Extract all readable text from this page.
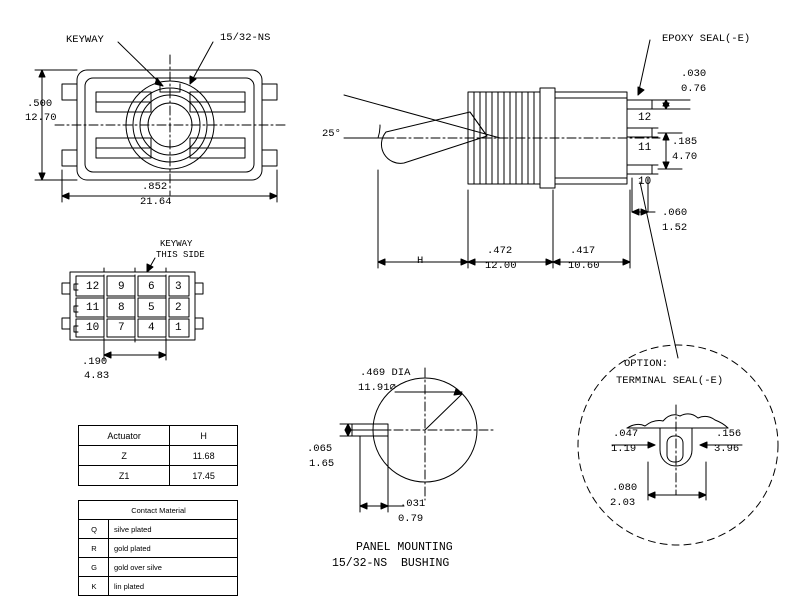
KEYWAY	15/32-NS
.500
12.70
.852
21.64
KEYWAY
THIS SIDE
12 9 6 3
11 8 5 2
10 7 4 1
.190
4.83
EPOXY SEAL(-E)
25°
H
12
11
10
.030
0.76
.185
4.70
.060
1.52
.472
12.00
.417
10.60
.469 DIA
11.91⌀
.065
1.65
.031
0.79
PANEL MOUNTING
15/32-NS  BUSHING
OPTION:
TERMINAL SEAL(-E)
.047
1.19
.156
3.96
.080
2.03
Actuator	H
Z	11.68
Z1	17.45
Contact Material	
Q	silve plated
R	gold plated
G	gold over silve
K	lin plated
